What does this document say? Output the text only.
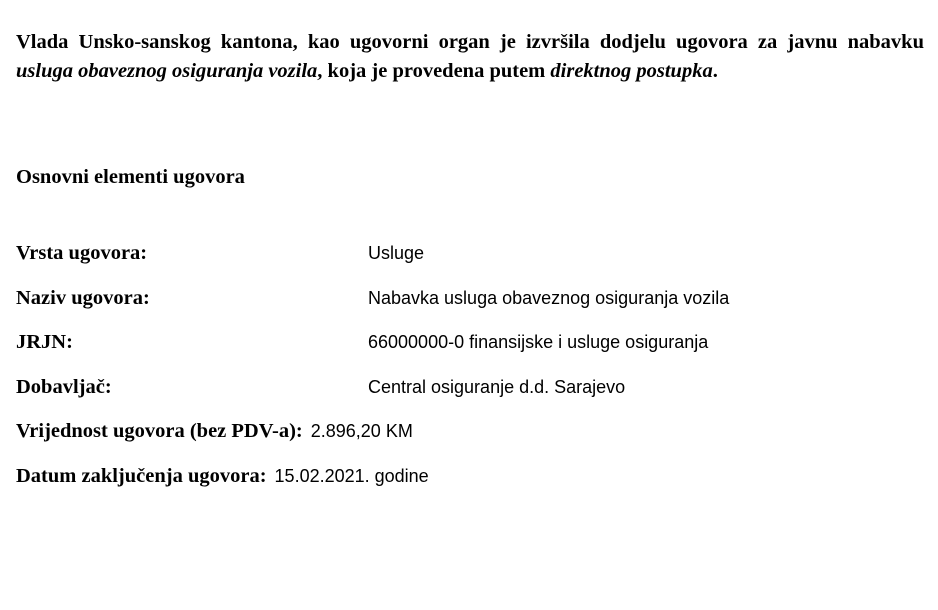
Vlada Unsko-sanskog kantona, kao ugovorni organ je izvršila dodjelu ugovora za javnu nabavku usluga obaveznog osiguranja vozila, koja je provedena putem direktnog postupka.

Osnovni elementi ugovora
Vrsta ugovora:	Usluge
Naziv ugovora:	Nabavka usluga obaveznog osiguranja vozila
JRJN:	66000000-0 finansijske i usluge osiguranja
Dobavljač:	Central osiguranje d.d. Sarajevo
Vrijednost ugovora (bez PDV-a): 2.896,20 KM
Datum zaključenja ugovora: 15.02.2021. godine
